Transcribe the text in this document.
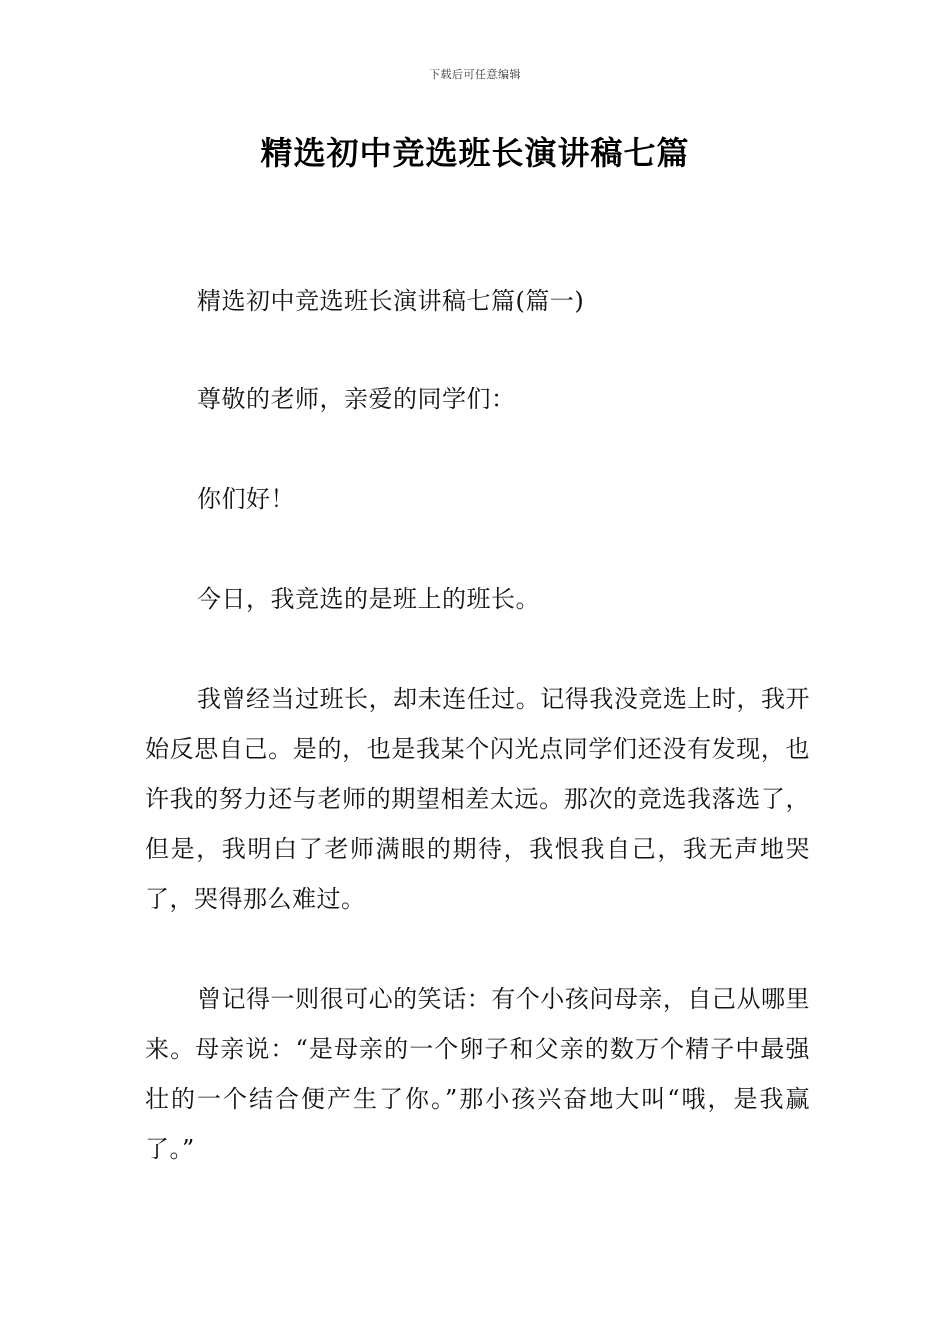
下载后可任意编辑
精选初中竞选班长演讲稿七篇

精选初中竞选班长演讲稿七篇(篇一)

尊敬的老师，亲爱的同学们：

你们好！

今日，我竞选的是班上的班长。

我曾经当过班长，却未连任过。记得我没竞选上时，我开始反思自己。是的，也是我某个闪光点同学们还没有发现，也许我的努力还与老师的期望相差太远。那次的竞选我落选了，但是，我明白了老师满眼的期待，我恨我自己，我无声地哭了，哭得那么难过。

曾记得一则很可心的笑话：有个小孩问母亲，自己从哪里来。母亲说：“是母亲的一个卵子和父亲的数万个精子中最强壮的一个结合便产生了你。”那小孩兴奋地大叫“哦，是我赢了。”
